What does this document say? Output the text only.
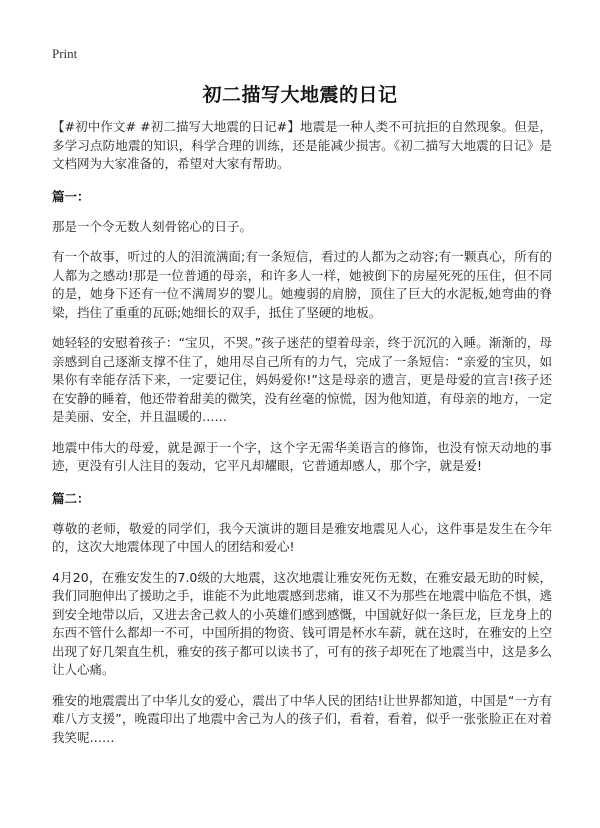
Print
初二描写大地震的日记

【#初中作文# #初二描写大地震的日记#】地震是一种人类不可抗拒的自然现象。但是，多学习点防地震的知识，科学合理的训练，还是能减少损害。《初二描写大地震的日记》是文档网为大家准备的，希望对大家有帮助。

篇一：

那是一个令无数人刻骨铭心的日子。

有一个故事，听过的人的泪流满面;有一条短信，看过的人都为之动容;有一颗真心，所有的人都为之感动!那是一位普通的母亲，和许多人一样，她被倒下的房屋死死的压住，但不同的是，她身下还有一位不满周岁的婴儿。她瘦弱的肩膀，顶住了巨大的水泥板,她弯曲的脊梁，挡住了重重的瓦砾;她细长的双手，抵住了坚硬的地板。

她轻轻的安慰着孩子：“宝贝，不哭。”孩子迷茫的望着母亲，终于沉沉的入睡。渐渐的，母亲感到自己逐渐支撑不住了，她用尽自己所有的力气，完成了一条短信：“亲爱的宝贝，如果你有幸能存活下来，一定要记住，妈妈爱你!”这是母亲的遗言，更是母爱的宣言!孩子还在安静的睡着，他还带着甜美的微笑，没有丝毫的惊慌，因为他知道，有母亲的地方，一定是美丽、安全，并且温暖的……

地震中伟大的母爱，就是源于一个字，这个字无需华美语言的修饰，也没有惊天动地的事迹，更没有引人注目的轰动，它平凡却耀眼，它普通却感人，那个字，就是爱!

篇二：

尊敬的老师，敬爱的同学们，我今天演讲的题目是雅安地震见人心，这件事是发生在今年的，这次大地震体现了中国人的团结和爱心!

4月20，在雅安发生的7.0级的大地震，这次地震让雅安死伤无数，在雅安最无助的时候，我们同胞伸出了援助之手，谁能不为此地震感到悲痛，谁又不为那些在地震中临危不惧，逃到安全地带以后，又进去舍己救人的小英雄们感到感慨，中国就好似一条巨龙，巨龙身上的东西不管什么都却一不可，中国所捐的物资、钱可谓是杯水车薪，就在这时，在雅安的上空出现了好几架直生机，雅安的孩子都可以读书了，可有的孩子却死在了地震当中，这是多么让人心痛。

雅安的地震震出了中华儿女的爱心，震出了中华人民的团结!让世界都知道，中国是“一方有难八方支援”，晚霞印出了地震中舍己为人的孩子们，看着，看着，似乎一张张脸正在对着我笑呢……
